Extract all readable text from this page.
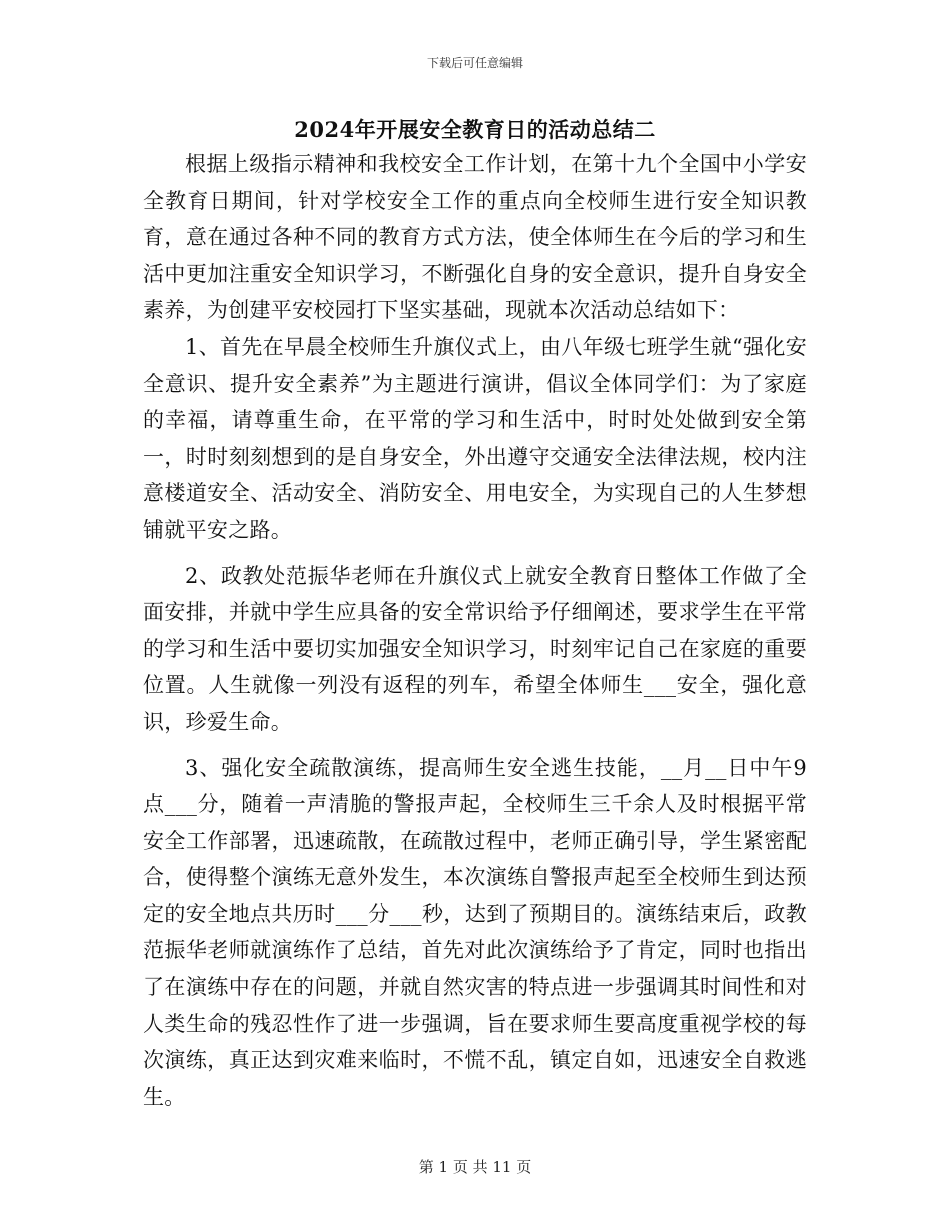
下载后可任意编辑
2024年开展安全教育日的活动总结二

根据上级指示精神和我校安全工作计划，在第十九个全国中小学安全教育日期间，针对学校安全工作的重点向全校师生进行安全知识教育，意在通过各种不同的教育方式方法，使全体师生在今后的学习和生活中更加注重安全知识学习，不断强化自身的安全意识，提升自身安全素养，为创建平安校园打下坚实基础，现就本次活动总结如下：

1、首先在早晨全校师生升旗仪式上，由八年级七班学生就“强化安全意识、提升安全素养”为主题进行演讲，倡议全体同学们：为了家庭的幸福，请尊重生命，在平常的学习和生活中，时时处处做到安全第一，时时刻刻想到的是自身安全，外出遵守交通安全法律法规，校内注意楼道安全、活动安全、消防安全、用电安全，为实现自己的人生梦想铺就平安之路。

2、政教处范振华老师在升旗仪式上就安全教育日整体工作做了全面安排，并就中学生应具备的安全常识给予仔细阐述，要求学生在平常的学习和生活中要切实加强安全知识学习，时刻牢记自己在家庭的重要位置。人生就像一列没有返程的列车，希望全体师生___安全，强化意识，珍爱生命。

3、强化安全疏散演练，提高师生安全逃生技能，__月__日中午9点___分，随着一声清脆的警报声起，全校师生三千余人及时根据平常安全工作部署，迅速疏散，在疏散过程中，老师正确引导，学生紧密配合，使得整个演练无意外发生，本次演练自警报声起至全校师生到达预定的安全地点共历时___分___秒，达到了预期目的。演练结束后，政教范振华老师就演练作了总结，首先对此次演练给予了肯定，同时也指出了在演练中存在的问题，并就自然灾害的特点进一步强调其时间性和对人类生命的残忍性作了进一步强调，旨在要求师生要高度重视学校的每次演练，真正达到灾难来临时，不慌不乱，镇定自如，迅速安全自救逃生。

第 1 页 共 11 页
